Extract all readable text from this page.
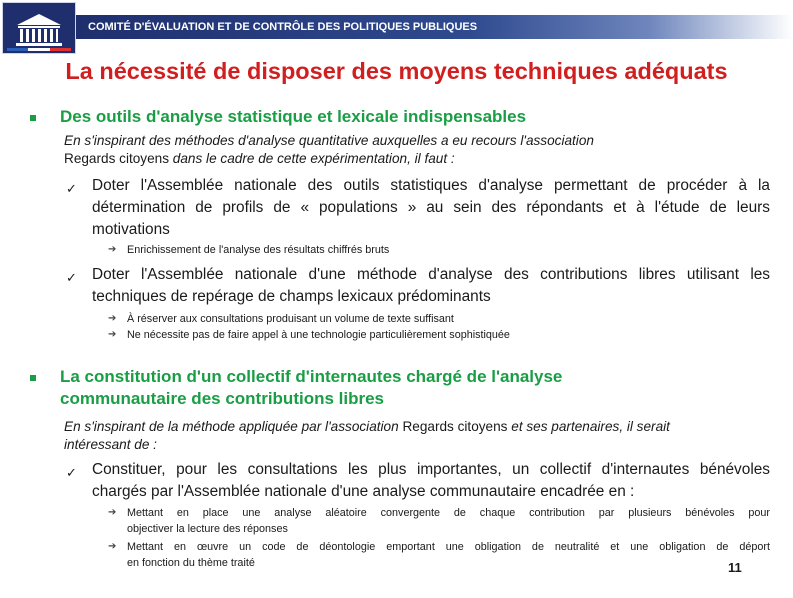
COMITÉ D'ÉVALUATION ET DE CONTRÔLE DES POLITIQUES PUBLIQUES
La nécessité de disposer des moyens techniques adéquats
Des outils d'analyse statistique et lexicale indispensables
En s'inspirant des méthodes d'analyse quantitative auxquelles a eu recours l'association
Regards citoyens dans le cadre de cette expérimentation, il faut :
✓ Doter l'Assemblée nationale des outils statistiques d'analyse permettant de procéder à la
détermination de profils de « populations » au sein des répondants et à l'étude de leurs
motivations
➔ Enrichissement de l'analyse des résultats chiffrés bruts
✓ Doter l'Assemblée nationale d'une méthode d'analyse des contributions libres utilisant les
techniques de repérage de champs lexicaux prédominants
➔ À réserver aux consultations produisant un volume de texte suffisant
➔ Ne nécessite pas de faire appel à une technologie particulièrement sophistiquée
La constitution d'un collectif d'internautes chargé de l'analyse
communautaire des contributions libres
En s'inspirant de la méthode appliquée par l'association Regards citoyens et ses partenaires, il serait
intéressant de :
✓ Constituer, pour les consultations les plus importantes, un collectif d'internautes bénévoles
chargés par l'Assemblée nationale d'une analyse communautaire encadrée en :
➔ Mettant en place une analyse aléatoire convergente de chaque contribution par plusieurs bénévoles pour
objectiver la lecture des réponses
➔ Mettant en œuvre un code de déontologie emportant une obligation de neutralité et une obligation de déport
en fonction du thème traité	11
